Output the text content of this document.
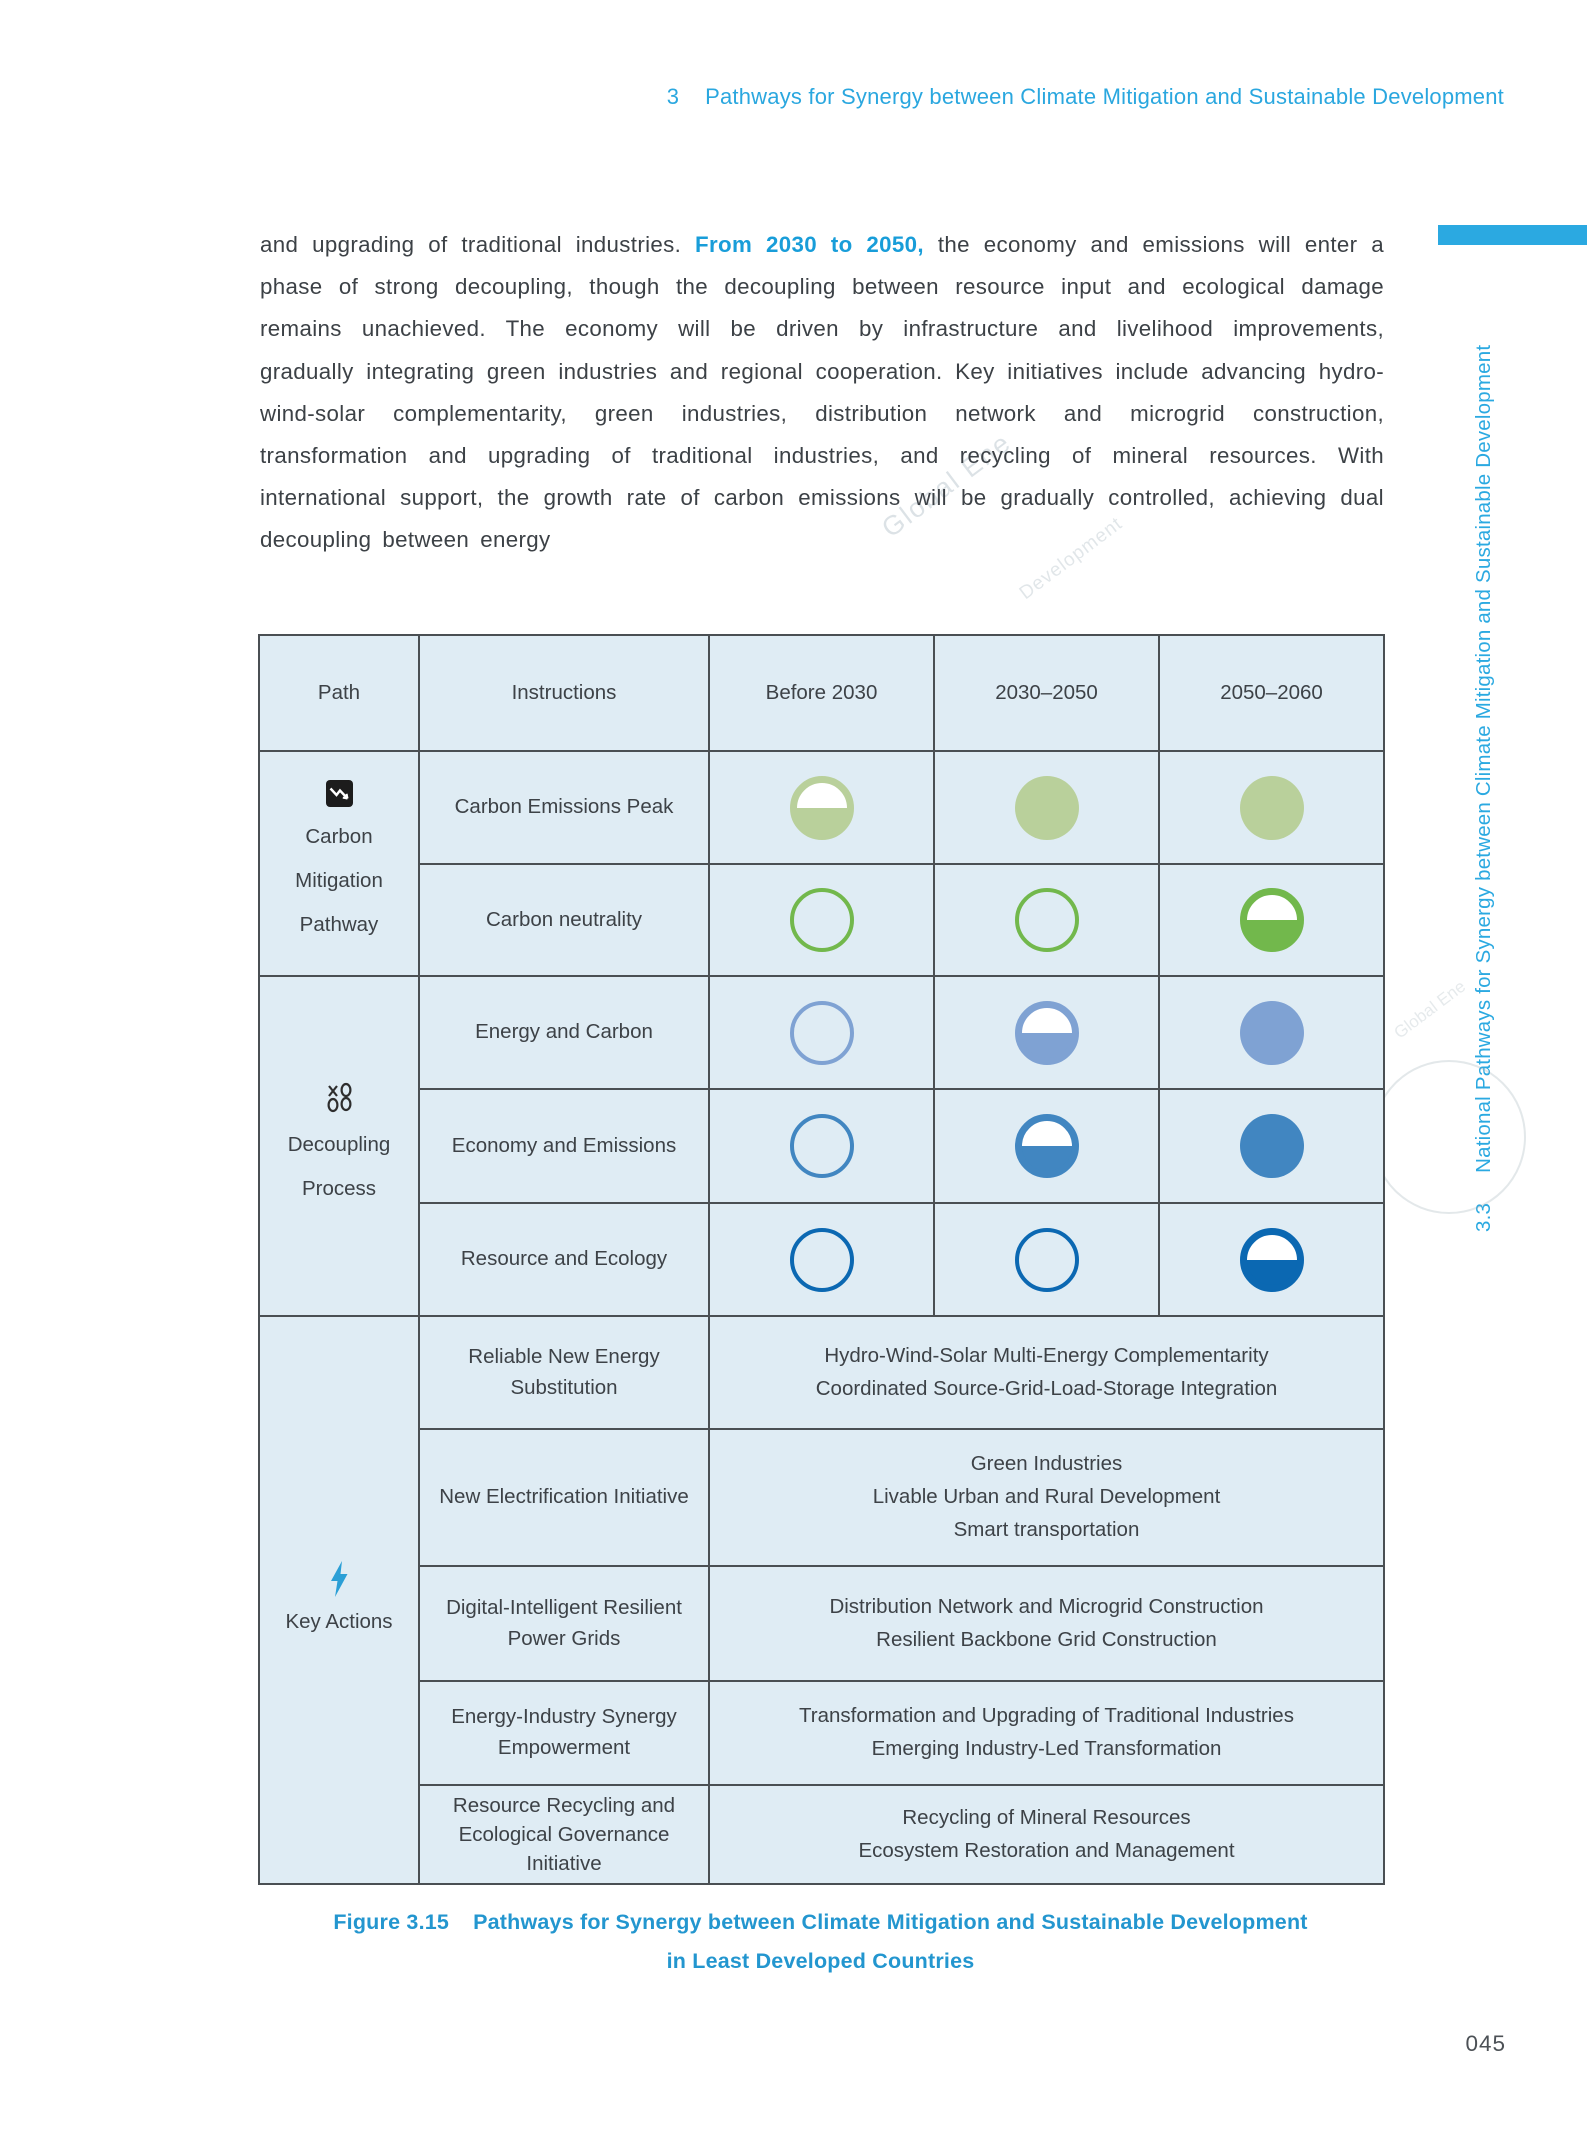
3 Pathways for Synergy between Climate Mitigation and Sustainable Development
3.3National Pathways for Synergy between Climate Mitigation and Sustainable Development
Global Ene
Development
Global Ene
and upgrading of traditional industries. From 2030 to 2050, the economy and emissions will enter a phase of strong decoupling, though the decoupling between resource input and ecological damage remains unachieved. The economy will be driven by infrastructure and livelihood improvements, gradually integrating green industries and regional cooperation. Key initiatives include advancing hydro-wind-solar complementarity, green industries, distribution network and microgrid construction, transformation and upgrading of traditional industries, and recycling of mineral resources. With international support, the growth rate of carbon emissions will be gradually controlled, achieving dual decoupling between energy
Path	Instructions	Before 2030	2030–2050	2050–2060

Carbon Mitigation Pathway	Carbon Emissions Peak			
	Carbon neutrality			

Decoupling Process	Energy and Carbon			
	Economy and Emissions			
	Resource and Ecology			

Key Actions	Reliable New Energy Substitution	Hydro-Wind-Solar Multi-Energy Complementarity
Coordinated Source-Grid-Load-Storage Integration		

	New Electrification Initiative	Green Industries
Livable Urban and Rural Development
Smart transportation		

	Digital-Intelligent Resilient Power Grids	Distribution Network and Microgrid Construction
Resilient Backbone Grid Construction		

	Energy-Industry Synergy Empowerment	Transformation and Upgrading of Traditional Industries
Emerging Industry-Led Transformation		

	Resource Recycling and Ecological Governance Initiative	Recycling of Mineral Resources
Ecosystem Restoration and Management		
Figure 3.15 Pathways for Synergy between Climate Mitigation and Sustainable Development
in Least Developed Countries
045
